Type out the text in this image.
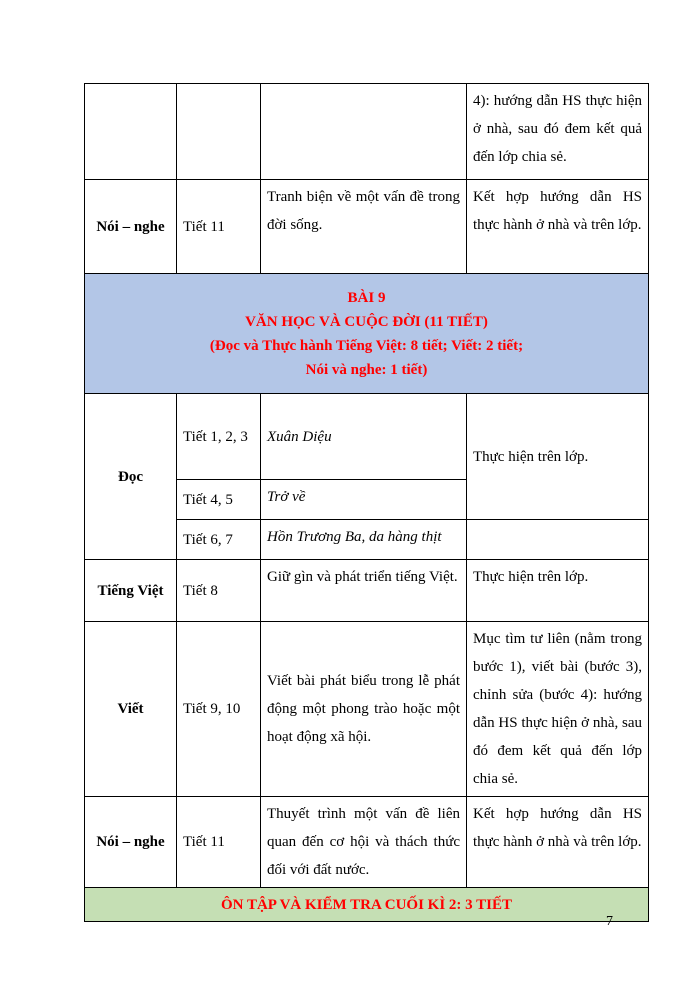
			4): hướng dẫn HS thực hiện ở nhà, sau đó đem kết quả đến lớp chia sẻ.
Nói – nghe	Tiết 11	Tranh biện về một vấn đề trong đời sống.	Kết hợp hướng dẫn HS thực hành ở nhà và trên lớp.

BÀI 9
VĂN HỌC VÀ CUỘC ĐỜI (11 TIẾT)
(Đọc và Thực hành Tiếng Việt: 8 tiết; Viết: 2 tiết;
Nói và nghe: 1 tiết)			

Đọc	Tiết 1, 2, 3	Xuân Diệu	Thực hiện trên lớp.
	Tiết 4, 5	Trở về	
	Tiết 6, 7	Hồn Trương Ba, da hàng thịt	
Tiếng Việt	Tiết 8	Giữ gìn và phát triển tiếng Việt.	Thực hiện trên lớp.
Viết	Tiết 9, 10	Viết bài phát biểu trong lễ phát động một phong trào hoặc một hoạt động xã hội.	Mục tìm tư liên (nằm trong bước 1), viết bài (bước 3), chỉnh sửa (bước 4): hướng dẫn HS thực hiện ở nhà, sau đó đem kết quả đến lớp chia sẻ.
Nói – nghe	Tiết 11	Thuyết trình một vấn đề liên quan đến cơ hội và thách thức đối với đất nước.	Kết hợp hướng dẫn HS thực hành ở nhà và trên lớp.
ÔN TẬP VÀ KIỂM TRA CUỐI KÌ 2: 3 TIẾT			
7
